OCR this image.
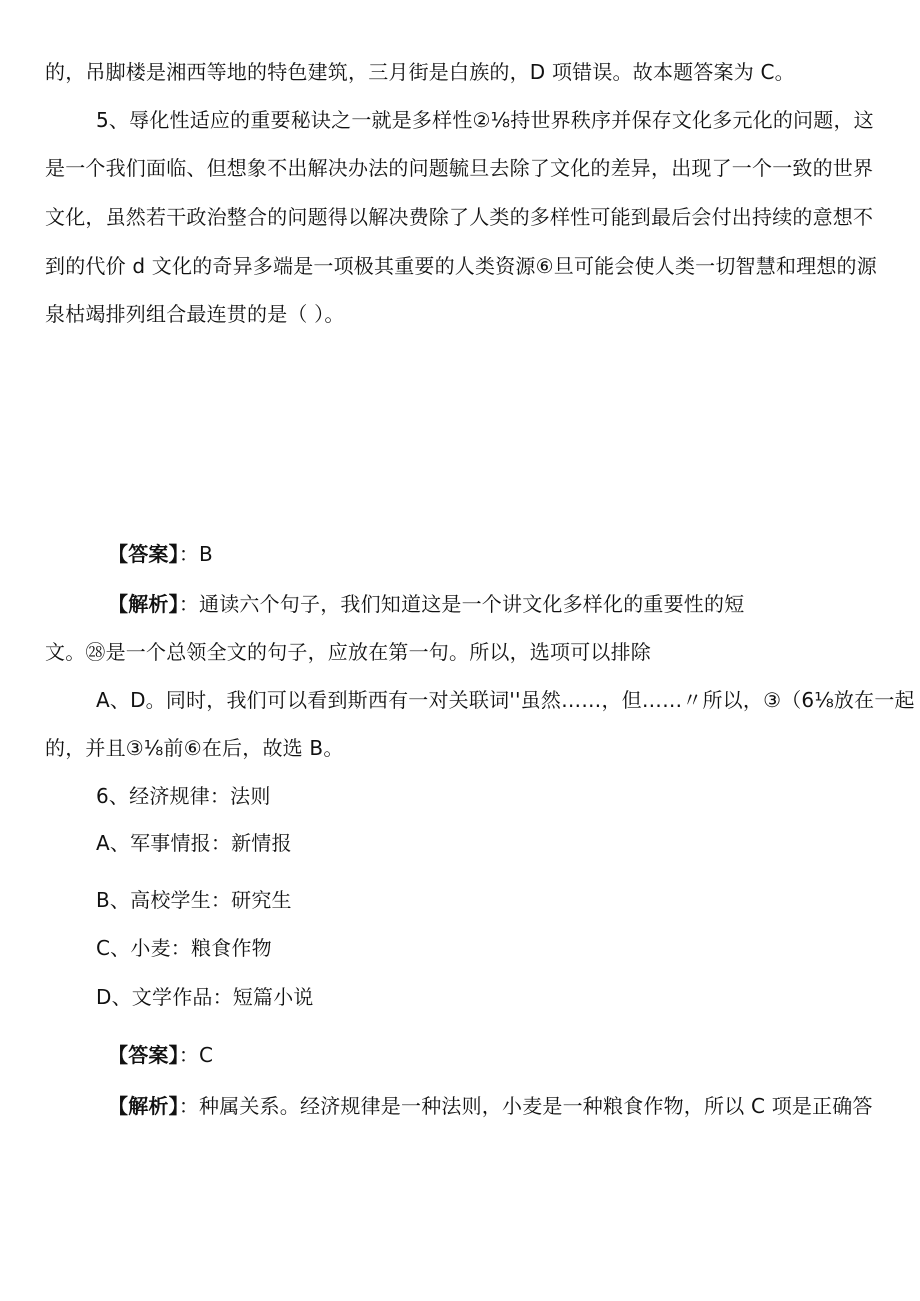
的，吊脚楼是湘西等地的特色建筑，三月街是白族的，D 项错误。故本题答案为 C。
5、辱化性适应的重要秘诀之一就是多样性②⅛持世界秩序并保存文化多元化的问题，这
是一个我们面临、但想象不出解决办法的问题毓旦去除了文化的差异，出现了一个一致的世界
文化，虽然若干政治整合的问题得以解决费除了人类的多样性可能到最后会付出持续的意想不
到的代价 d 文化的奇异多端是一项极其重要的人类资源⑥旦可能会使人类一切智慧和理想的源
泉枯竭排列组合最连贯的是（ ）。
【答案】：B
【解析】：通读六个句子，我们知道这是一个讲文化多样化的重要性的短
文。㉘是一个总领全文的句子，应放在第一句。所以，选项可以排除
A、D。同时，我们可以看到斯西有一对关联词''虽然……，但……〃所以，③（6⅛放在一起
的，并且③⅛前⑥在后，故选 B。
6、经济规律：法则
A、军事情报：新情报
B、高校学生：研究生
C、小麦：粮食作物
D、文学作品：短篇小说
【答案】：C
【解析】：种属关系。经济规律是一种法则，小麦是一种粮食作物，所以 C 项是正确答
